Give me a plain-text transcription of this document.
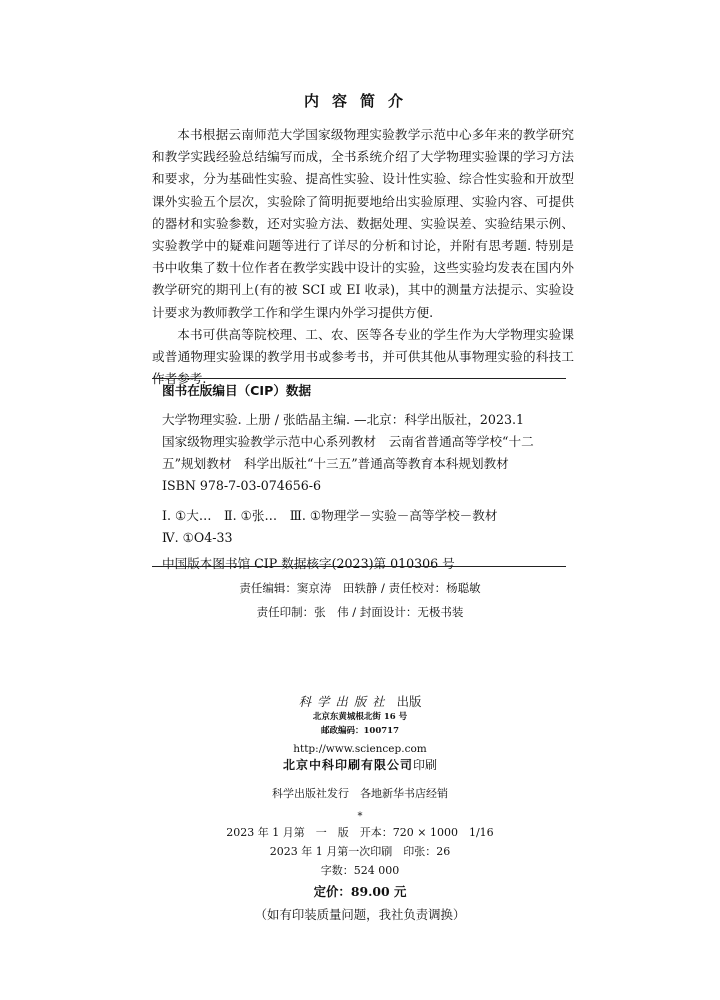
内容简介

本书根据云南师范大学国家级物理实验教学示范中心多年来的教学研究和教学实践经验总结编写而成，全书系统介绍了大学物理实验课的学习方法和要求，分为基础性实验、提高性实验、设计性实验、综合性实验和开放型课外实验五个层次，实验除了简明扼要地给出实验原理、实验内容、可提供的器材和实验参数，还对实验方法、数据处理、实验误差、实验结果示例、实验教学中的疑难问题等进行了详尽的分析和讨论，并附有思考题. 特别是书中收集了数十位作者在教学实践中设计的实验，这些实验均发表在国内外教学研究的期刊上(有的被 SCI 或 EI 收录)，其中的测量方法提示、实验设计要求为教师教学工作和学生课内外学习提供方便.

本书可供高等院校理、工、农、医等各专业的学生作为大学物理实验课或普通物理实验课的教学用书或参考书，并可供其他从事物理实验的科技工作者参考.

图书在版编目（CIP）数据
大学物理实验. 上册 / 张皓晶主编. —北京：科学出版社，2023.1
国家级物理实验教学示范中心系列教材　云南省普通高等学校“十二
五”规划教材　科学出版社“十三五”普通高等教育本科规划教材
ISBN 978-7-03-074656-6
Ⅰ. ①大…　Ⅱ. ①张…　Ⅲ. ①物理学－实验－高等学校－教材
Ⅳ. ①O4-33
中国版本图书馆 CIP 数据核字(2023)第 010306 号
责任编辑：窦京涛　田轶静 / 责任校对：杨聪敏
责任印制：张　伟 / 封面设计：无极书装
科学出版社 出版
北京东黄城根北街 16 号
邮政编码：100717
http://www.sciencep.com
北京中科印刷有限公司印刷
科学出版社发行　各地新华书店经销
*
2023 年 1 月第　一　版　开本：720 × 1000　1/16
2023 年 1 月第一次印刷　印张：26
字数：524 000
定价：89.00 元
（如有印装质量问题，我社负责调换）
